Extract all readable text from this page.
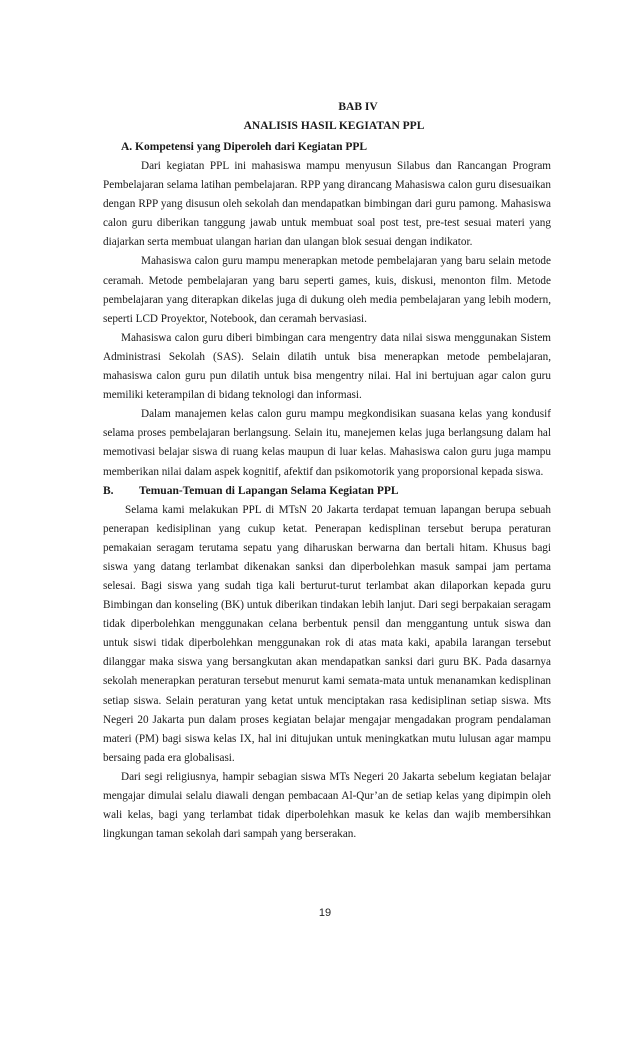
BAB IV
ANALISIS HASIL KEGIATAN PPL
A. Kompetensi yang Diperoleh dari Kegiatan PPL

Dari kegiatan PPL ini mahasiswa mampu menyusun Silabus dan Rancangan Program Pembelajaran selama latihan pembelajaran. RPP yang dirancang Mahasiswa calon guru disesuaikan dengan RPP yang disusun oleh sekolah dan mendapatkan bimbingan dari guru pamong. Mahasiswa calon guru diberikan tanggung jawab untuk membuat soal post test, pre-test sesuai materi yang diajarkan serta membuat ulangan harian dan ulangan blok sesuai dengan indikator.

Mahasiswa calon guru mampu menerapkan metode pembelajaran yang baru selain metode ceramah. Metode pembelajaran yang baru seperti games, kuis, diskusi, menonton film. Metode pembelajaran yang diterapkan dikelas juga di dukung oleh media pembelajaran yang lebih modern, seperti LCD Proyektor, Notebook, dan ceramah bervasiasi.

Mahasiswa calon guru diberi bimbingan cara mengentry data nilai siswa menggunakan Sistem Administrasi Sekolah (SAS). Selain dilatih untuk bisa menerapkan metode pembelajaran, mahasiswa calon guru pun dilatih untuk bisa mengentry nilai. Hal ini bertujuan agar calon guru memiliki keterampilan di bidang teknologi dan informasi.

Dalam manajemen kelas calon guru mampu megkondisikan suasana kelas yang kondusif selama proses pembelajaran berlangsung. Selain itu, manejemen kelas juga berlangsung dalam hal memotivasi belajar siswa di ruang kelas maupun di luar kelas. Mahasiswa calon guru juga mampu memberikan nilai dalam aspek kognitif, afektif dan psikomotorik yang proporsional kepada siswa.

B.	Temuan-Temuan di Lapangan Selama Kegiatan PPL

Selama kami melakukan PPL di MTsN 20 Jakarta terdapat temuan lapangan berupa sebuah penerapan kedisiplinan yang cukup ketat. Penerapan kedisplinan tersebut berupa peraturan pemakaian seragam terutama sepatu yang diharuskan berwarna dan bertali hitam. Khusus bagi siswa yang datang terlambat dikenakan sanksi dan diperbolehkan masuk sampai jam pertama selesai. Bagi siswa yang sudah tiga kali berturut-turut terlambat akan dilaporkan kepada guru Bimbingan dan konseling (BK) untuk diberikan tindakan lebih lanjut. Dari segi berpakaian seragam tidak diperbolehkan menggunakan celana berbentuk pensil dan menggantung untuk siswa dan untuk siswi tidak diperbolehkan menggunakan rok di atas mata kaki, apabila larangan tersebut dilanggar maka siswa yang bersangkutan akan mendapatkan sanksi dari guru BK. Pada dasarnya sekolah menerapkan peraturan tersebut menurut kami semata-mata untuk menanamkan kedisplinan setiap siswa. Selain peraturan yang ketat untuk menciptakan rasa kedisiplinan setiap siswa. Mts Negeri 20 Jakarta pun dalam proses kegiatan belajar mengajar mengadakan program pendalaman materi (PM) bagi siswa kelas IX, hal ini ditujukan untuk meningkatkan mutu lulusan agar mampu bersaing pada era globalisasi.

Dari segi religiusnya, hampir sebagian siswa MTs Negeri 20 Jakarta sebelum kegiatan belajar mengajar dimulai selalu diawali dengan pembacaan Al-Qur’an de setiap kelas yang dipimpin oleh wali kelas, bagi yang terlambat tidak diperbolehkan masuk ke kelas dan wajib membersihkan lingkungan taman sekolah dari sampah yang berserakan.

19
